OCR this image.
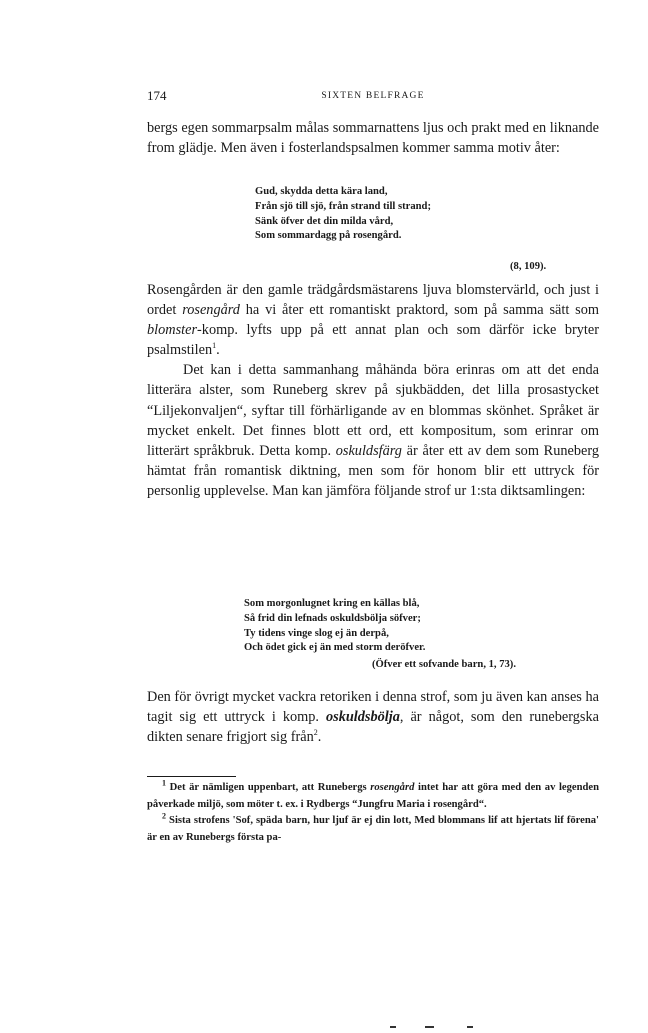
174	SIXTEN BELFRAGE

bergs egen sommarpsalm målas sommarnattens ljus och prakt med en liknande from glädje. Men även i fosterlandspsalmen kommer samma motiv åter:

Gud, skydda detta kära land,
Från sjö till sjö, från strand till strand;
Sänk öfver det din milda vård,
Som sommardagg på rosengård.
(8, 109).

Rosengården är den gamle trädgårdsmästarens ljuva blomstervärld, och just i ordet rosengård ha vi åter ett romantiskt praktord, som på samma sätt som blomster-komp. lyfts upp på ett annat plan och som därför icke bryter psalmstilen$^1$.

Det kan i detta sammanhang måhända böra erinras om att det enda litterära alster, som Runeberg skrev på sjukbädden, det lilla prosastycket “Liljekonvaljen“, syftar till förhärligande av en blommas skönhet. Språket är mycket enkelt. Det finnes blott ett ord, ett kompositum, som erinrar om litterärt språkbruk. Detta komp. oskuldsfärg är åter ett av dem som Runeberg hämtat från romantisk diktning, men som för honom blir ett uttryck för personlig upplevelse. Man kan jämföra följande strof ur 1:sta diktsamlingen:

Som morgonlugnet kring en källas blå,
Så frid din lefnads oskuldsbölja söfver;
Ty tidens vinge slog ej än derpå,
Och ödet gick ej än med storm deröfver.
(Öfver ett sofvande barn, 1, 73).

Den för övrigt mycket vackra retoriken i denna strof, som ju även kan anses ha tagit sig ett uttryck i komp. oskuldsbölja, är något, som den runebergska dikten senare frigjort sig från$^2$.

$^1$ Det är nämligen uppenbart, att Runebergs rosengård intet har att göra med den av legenden påverkade miljö, som möter t. ex. i Rydbergs “Jungfru Maria i rosengård“.

$^2$ Sista strofens 'Sof, späda barn, hur ljuf är ej din lott, Med blommans lif att hjertats lif förena' är en av Runebergs första pa-
